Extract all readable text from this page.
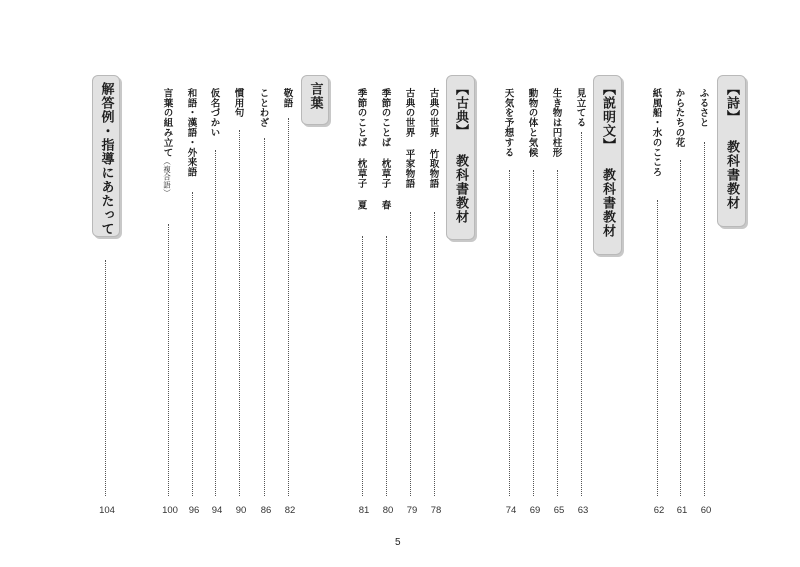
【詩】 教科書教材
ふるさと
60
からたちの花
61
紙風船・水のこころ
62
【説明文】 教科書教材
見立てる
63
生き物は円柱形
65
動物の体と気候
69
天気を予想する
74
【古典】 教科書教材
古典の世界 竹取物語
78
古典の世界 平家物語
79
季節のことば 枕草子 春
80
季節のことば 枕草子 夏
81
言葉
敬語
82
ことわざ
86
慣用句
90
仮名づかい
94
和語・漢語・外来語
96
言葉の組み立て（複合語）
100
解答例・指導にあたって
104
5
